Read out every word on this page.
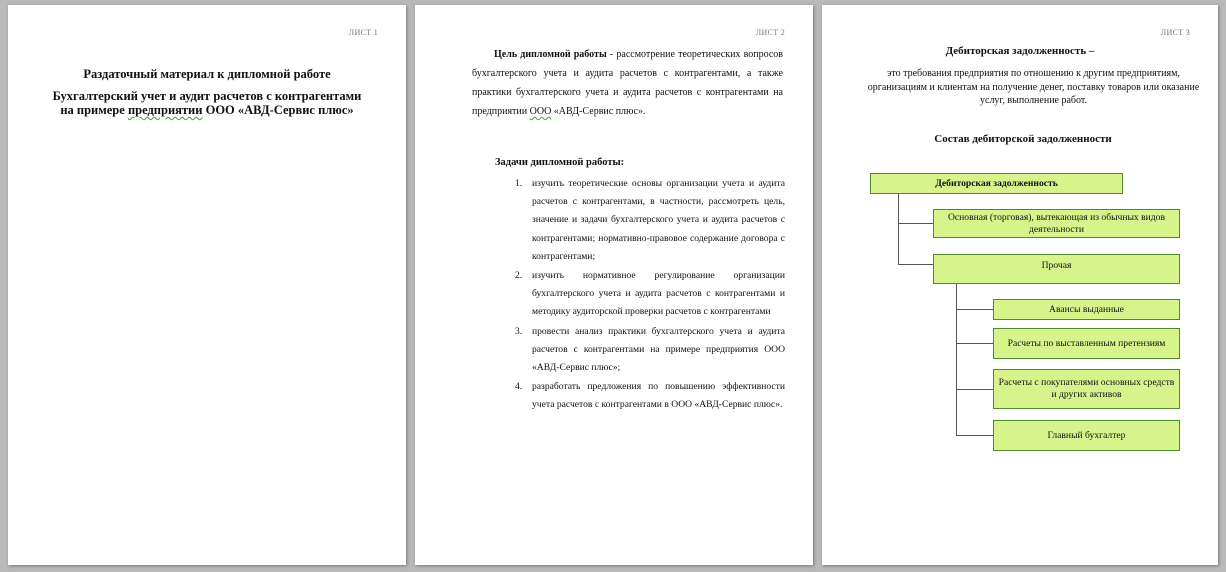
ЛИСТ 1
Раздаточный материал к дипломной работе
Бухгалтерский учет и аудит расчетов с контрагентами
на примере предприятии ООО «АВД-Сервис плюс»
ЛИСТ 2
Цель дипломной работы - рассмотрение теоретических вопросов бухгалтерского учета и аудита расчетов с контрагентами, а также практики бухгалтерского учета и аудита расчетов с контрагентами на предприятии ООО «АВД-Сервис плюс».
Задачи дипломной работы:
1. изучить теоретические основы организации учета и аудита расчетов с контрагентами, в частности, рассмотреть цель, значение и задачи бухгалтерского учета и аудита расчетов с контрагентами; нормативно-правовое содержание договора с контрагентами;
2. изучить нормативное регулирование организации бухгалтерского учета и аудита расчетов с контрагентами и методику аудиторской проверки расчетов с контрагентами
3. провести анализ практики бухгалтерского учета и аудита расчетов с контрагентами на примере предприятия ООО «АВД-Сервис плюс»;
4. разработать предложения по повышению эффективности учета расчетов с контрагентами в ООО «АВД-Сервис плюс».
ЛИСТ 3
Дебиторская задолженность –
это требования предприятия по отношению к другим предприятиям, организациям и клиентам на получение денег, поставку товаров или оказание услуг, выполнение работ.
Состав дебиторской задолженности
Дебиторская задолженность
Основная (торговая), вытекающая из обычных видов деятельности
Прочая
Авансы выданные
Расчеты по выставленным претензиям
Расчеты с покупателями основных средств и других активов
Главный бухгалтер
